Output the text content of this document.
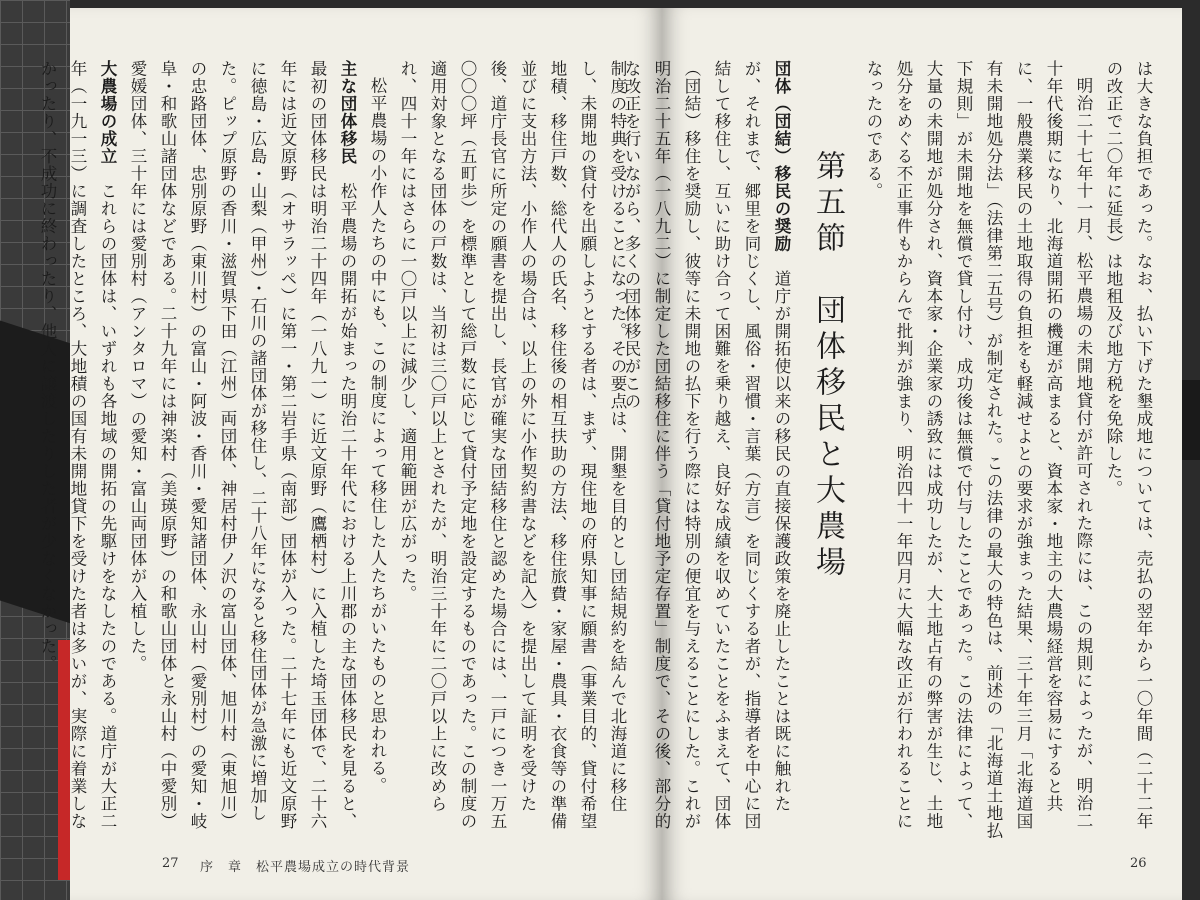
制度の特典を受けることになった。その要点は、開墾を目的とし団結規約を結んで北海道に移住し、未開地の貸付を出願しようとする者は、まず、現住地の府県知事に願書（事業目的、貸付希望地積、移住戸数、総代人の氏名、移住後の相互扶助の方法、移住旅費・家屋・農具・衣食等の準備並びに支出方法、小作人の場合は、以上の外に小作契約書などを記入）を提出して証明を受けた後、道庁長官に所定の願書を提出し、長官が確実な団結移住と認めた場合には、一戸につき一万五〇〇〇坪（五町歩）を標準として総戸数に応じて貸付予定地を設定するものであった。この制度の適用対象となる団体の戸数は、当初は三〇戸以上とされたが、明治三十年に二〇戸以上に改められ、四十一年にはさらに一〇戸以上に減少し、適用範囲が広がった。

松平農場の小作人たちの中にも、この制度によって移住した人たちがいたものと思われる。

主な団体移民　松平農場の開拓が始まった明治二十年代における上川郡の主な団体移民を見ると、最初の団体移民は明治二十四年（一八九一）に近文原野（鷹栖村）に入植した埼玉団体で、二十六年には近文原野（オサラッペ）に第一・第二岩手県（南部）団体が入った。二十七年にも近文原野に徳島・広島・山梨（甲州）・石川の諸団体が移住し、二十八年になると移住団体が急激に増加した。ピップ原野の香川・滋賀県下田（江州）両団体、神居村伊ノ沢の富山団体、旭川村（東旭川）の忠路団体、忠別原野（東川村）の富山・阿波・香川・愛知諸団体、永山村（愛別村）の愛知・岐阜・和歌山諸団体などである。二十九年には神楽村（美瑛原野）の和歌山団体と永山村（中愛別）愛媛団体、三十年には愛別村（アンタロマ）の愛知・富山両団体が入植した。

大農場の成立　これらの団体は、いずれも各地域の開拓の先駆けをなしたのである。道庁が大正二年（一九一三）に調査したところ、大地積の国有未開地貸下を受けた者は多いが、実際に着業しなかったり、不成功に終わったり、他人に譲渡したりした者が少なくなかった。

27 序　章　松平農場成立の時代背景

は大きな負担であった。なお、払い下げた墾成地については、売払の翌年から一〇年間（二十二年の改正で二〇年に延長）は地租及び地方税を免除した。

明治二十七年十一月、松平農場の未開地貸付が許可された際には、この規則によったが、明治二十年代後期になり、北海道開拓の機運が高まると、資本家・地主の大農場経営を容易にすると共に、一般農業移民の土地取得の負担をも軽減せよとの要求が強まった結果、三十年三月「北海道国有未開地処分法」（法律第二五号）が制定された。この法律の最大の特色は、前述の「北海道土地払下規則」が未開地を無償で貸し付け、成功後は無償で付与したことであった。この法律によって、大量の未開地が処分され、資本家・企業家の誘致には成功したが、大土地占有の弊害が生じ、土地処分をめぐる不正事件もからんで批判が強まり、明治四十一年四月に大幅な改正が行われることになったのである。

第五節　団体移民と大農場

団体（団結）移民の奨励　道庁が開拓使以来の移民の直接保護政策を廃止したことは既に触れたが、それまで、郷里を同じくし、風俗・習慣・言葉（方言）を同じくする者が、指導者を中心に団結して移住し、互いに助け合って困難を乗り越え、良好な成績を収めていたことをふまえて、団体（団結）移住を奨励し、彼等に未開地の払下を行う際には特別の便宜を与えることにした。これが明治二十五年（一八九二）に制定した団結移住に伴う「貸付地予定存置」制度で、その後、部分的な改正を行いながら、多くの団体移民がこの

26
